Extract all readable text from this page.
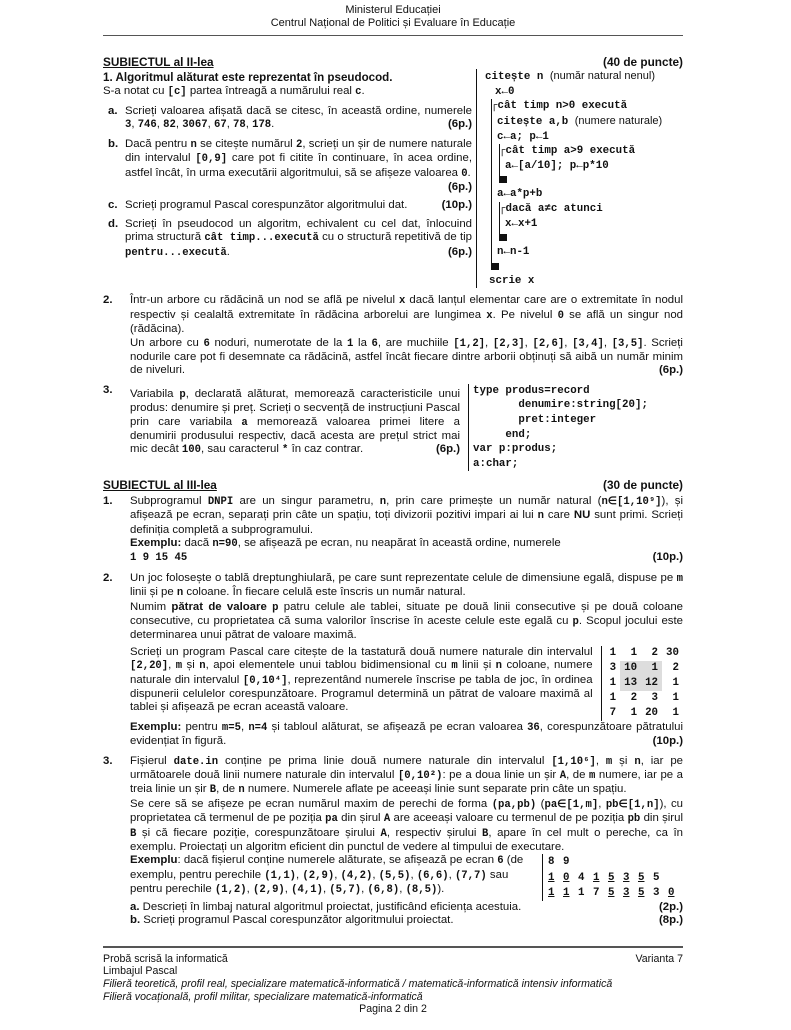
Ministerul Educației
Centrul Național de Politici și Evaluare în Educație
SUBIECTUL al II-lea	(40 de puncte)
1. Algoritmul alăturat este reprezentat în pseudocod.
S-a notat cu [c] partea întreagă a numărului real c.
a. Scrieți valoarea afișată dacă se citesc, în această ordine, numerele 3, 746, 82, 3067, 67, 78, 178.	(6p.)
b. Dacă pentru n se citește numărul 2, scrieți un șir de numere naturale din intervalul [0,9] care pot fi citite în continuare, în acea ordine, astfel încât, în urma executării algoritmului, să se afișeze valoarea 0.
(6p.)
c. Scrieți programul Pascal corespunzător algoritmului dat.	(10p.)
d. Scrieți în pseudocod un algoritm, echivalent cu cel dat, înlocuind prima structură cât timp...execută cu o structură repetitivă de tip pentru...execută.	(6p.)
citește n (număr natural nenul)
x←0
┌ cât timp n>0 execută
citește a,b (numere naturale)
c←a; p←1
┌ cât timp a>9 execută
a←[a/10]; p←p*10
a←a*p+b
┌ dacă a≠c atunci
x←x+1
n←n-1
scrie x
2.	Într-un arbore cu rădăcină un nod se află pe nivelul x dacă lanțul elementar care are o extremitate în nodul respectiv și cealaltă extremitate în rădăcina arborelui are lungimea x. Pe nivelul 0 se află un singur nod (rădăcina).
Un arbore cu 6 noduri, numerotate de la 1 la 6, are muchiile [1,2], [2,3], [2,6], [3,4], [3,5]. Scrieți nodurile care pot fi desemnate ca rădăcină, astfel încât fiecare dintre arborii obținuți să aibă un număr minim de niveluri.	(6p.)
3.	Variabila p, declarată alăturat, memorează caracteristicile unui produs: denumire și preț. Scrieți o secvență de instrucțiuni Pascal prin care variabila a memorează valoarea primei litere a denumirii produsului respectiv, dacă acesta are prețul strict mai mic decât 100, sau caracterul * în caz contrar.	(6p.)
type produs=record
denumire:string[20];
pret:integer
end;
var p:produs;
a:char;
SUBIECTUL al III-lea	(30 de puncte)
1.	Subprogramul DNPI are un singur parametru, n, prin care primește un număr natural (n∈[1,10⁹]), și afișează pe ecran, separați prin câte un spațiu, toți divizorii pozitivi impari ai lui n care NU sunt primi. Scrieți definiția completă a subprogramului.
Exemplu: dacă n=90, se afișează pe ecran, nu neapărat în această ordine, numerele
1 9 15 45	(10p.)
2.	Un joc folosește o tablă dreptunghiulară, pe care sunt reprezentate celule de dimensiune egală, dispuse pe m linii și pe n coloane. În fiecare celulă este înscris un număr natural.
Numim pătrat de valoare p patru celule ale tablei, situate pe două linii consecutive și pe două coloane consecutive, cu proprietatea că suma valorilor înscrise în aceste celule este egală cu p. Scopul jocului este determinarea unui pătrat de valoare maximă.
Scrieți un program Pascal care citește de la tastatură două numere naturale din intervalul [2,20], m și n, apoi elementele unui tablou bidimensional cu m linii și n coloane, numere naturale din intervalul [0,10⁴], reprezentând numerele înscrise pe tabla de joc, în ordinea dispunerii celulelor corespunzătoare. Programul determină un pătrat de valoare maximă al tablei și afișează pe ecran această valoare.
1	1	2	30
3	10	1	2
1	13	12	1
1	2	3	1
7	1	20	1
Exemplu: pentru m=5, n=4 și tabloul alăturat, se afișează pe ecran valoarea 36, corespunzătoare pătratului evidențiat în figură.	(10p.)
3.	Fișierul date.in conține pe prima linie două numere naturale din intervalul [1,10⁶], m și n, iar pe următoarele două linii numere naturale din intervalul [0,10²): pe a doua linie un șir A, de m numere, iar pe a treia linie un șir B, de n numere. Numerele aflate pe aceeași linie sunt separate prin câte un spațiu.
Se cere să se afișeze pe ecran numărul maxim de perechi de forma (pa,pb) (pa∈[1,m], pb∈[1,n]), cu proprietatea că termenul de pe poziția pa din șirul A are aceeași valoare cu termenul de pe poziția pb din șirul B și că fiecare poziție, corespunzătoare șirului A, respectiv șirului B, apare în cel mult o pereche, ca în exemplu. Proiectați un algoritm eficient din punctul de vedere al timpului de executare.
Exemplu: dacă fișierul conține numerele alăturate, se afișează pe ecran 6 (de exemplu, pentru perechile (1,1), (2,9), (4,2), (5,5), (6,6), (7,7) sau pentru perechile (1,2), (2,9), (4,1), (5,7), (6,8), (8,5)).
8 9
1 0 4 1 5 3 5 5
1 1 1 7 5 3 5 3 0
a. Descrieți în limbaj natural algoritmul proiectat, justificând eficiența acestuia.	(2p.)
b. Scrieți programul Pascal corespunzător algoritmului proiectat.	(8p.)
Probă scrisă la informatică	Varianta 7
Limbajul Pascal
Filieră teoretică, profil real, specializare matematică-informatică / matematică-informatică intensiv informatică
Filieră vocațională, profil militar, specializare matematică-informatică
Pagina 2 din 2
